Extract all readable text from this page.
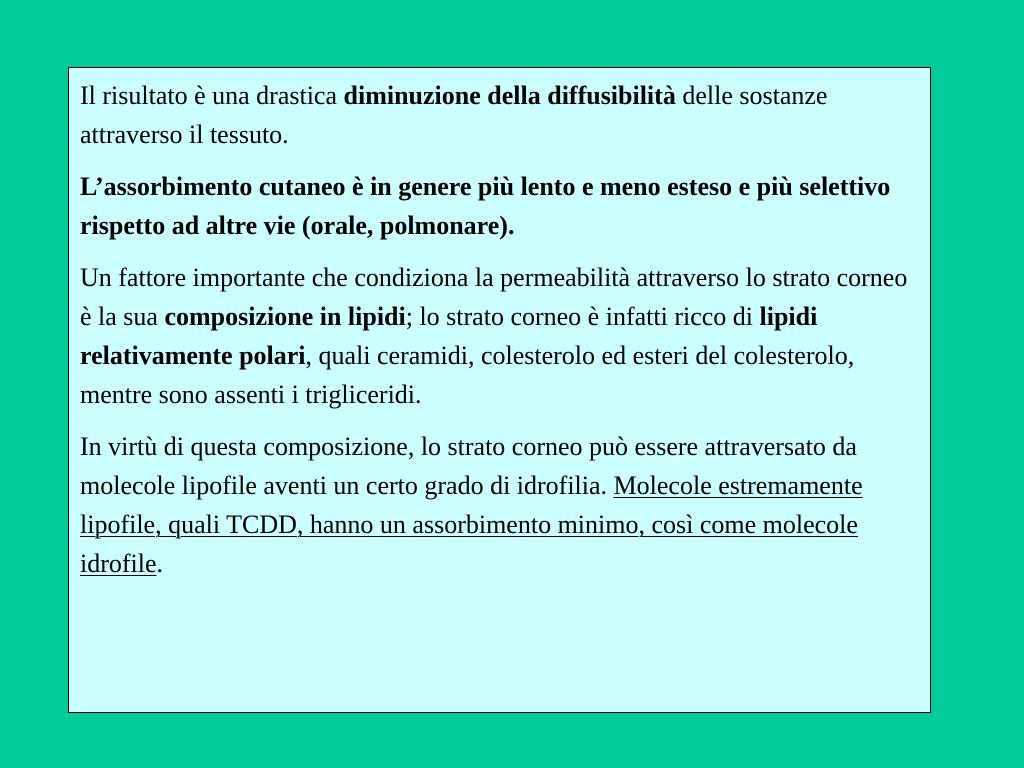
Il risultato è una drastica diminuzione della diffusibilità delle sostanze attraverso il tessuto.

L’assorbimento cutaneo è in genere più lento e meno esteso e più selettivo rispetto ad altre vie (orale, polmonare).

Un fattore importante che condiziona la permeabilità attraverso lo strato corneo è la sua composizione in lipidi; lo strato corneo è infatti ricco di lipidi relativamente polari, quali ceramidi, colesterolo ed esteri del colesterolo, mentre sono assenti i trigliceridi.

In virtù di questa composizione, lo strato corneo può essere attraversato da molecole lipofile aventi un certo grado di idrofilia. Molecole estremamente lipofile, quali TCDD, hanno un assorbimento minimo, così come molecole idrofile.
